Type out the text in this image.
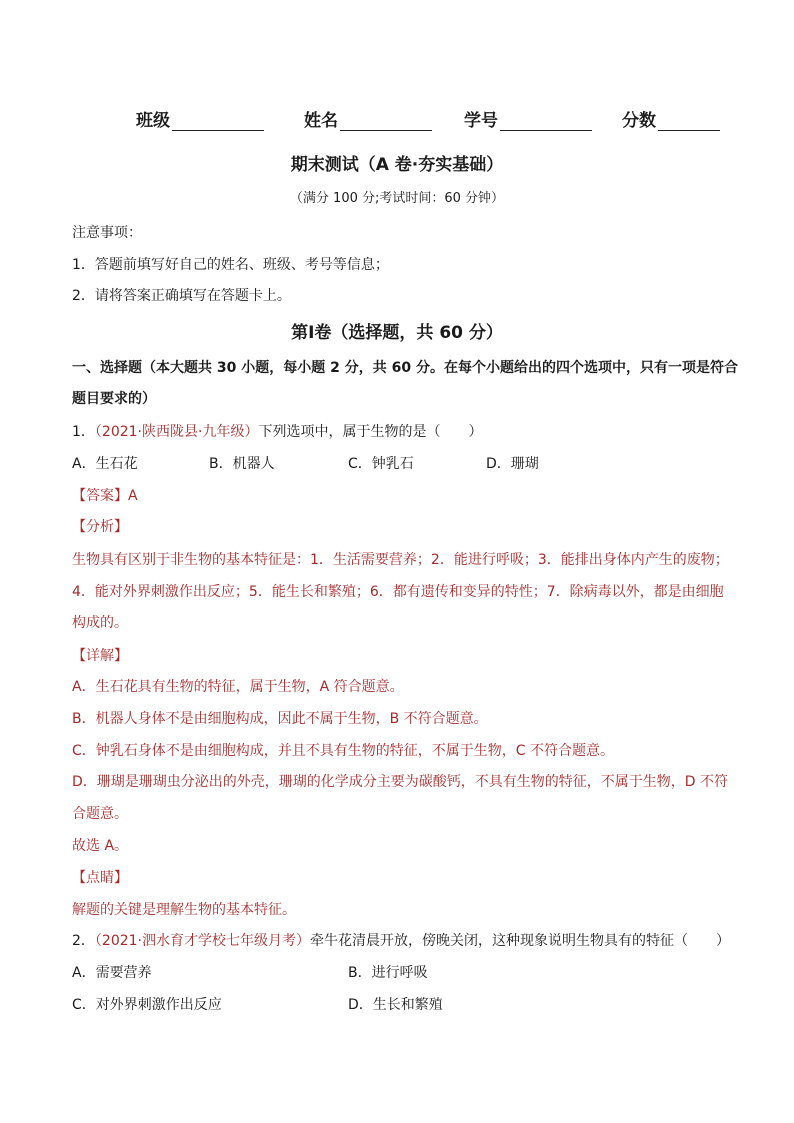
班级	姓名	学号	分数
期末测试（A 卷·夯实基础）
（满分 100 分;考试时间：60 分钟）
注意事项：
1．答题前填写好自己的姓名、班级、考号等信息；
2．请将答案正确填写在答题卡上。
第Ⅰ卷（选择题，共 60 分）
一、选择题（本大题共 30 小题，每小题 2 分，共 60 分。在每个小题给出的四个选项中，只有一项是符合
题目要求的）
1．（2021·陕西陇县·九年级）下列选项中，属于生物的是（　　）
A．生石花	B．机器人	C．钟乳石	D．珊瑚
【答案】A
【分析】
生物具有区别于非生物的基本特征是：1．生活需要营养；2．能进行呼吸；3．能排出身体内产生的废物；
4．能对外界刺激作出反应；5．能生长和繁殖；6．都有遗传和变异的特性；7．除病毒以外，都是由细胞
构成的。
【详解】
A．生石花具有生物的特征，属于生物，A 符合题意。
B．机器人身体不是由细胞构成，因此不属于生物，B 不符合题意。
C．钟乳石身体不是由细胞构成，并且不具有生物的特征，不属于生物，C 不符合题意。
D．珊瑚是珊瑚虫分泌出的外壳，珊瑚的化学成分主要为碳酸钙，不具有生物的特征，不属于生物，D 不符
合题意。
故选 A。
【点睛】
解题的关键是理解生物的基本特征。
2．（2021·泗水育才学校七年级月考）牵牛花清晨开放，傍晚关闭，这种现象说明生物具有的特征（　　）
A．需要营养	B．进行呼吸
C．对外界刺激作出反应	D．生长和繁殖
